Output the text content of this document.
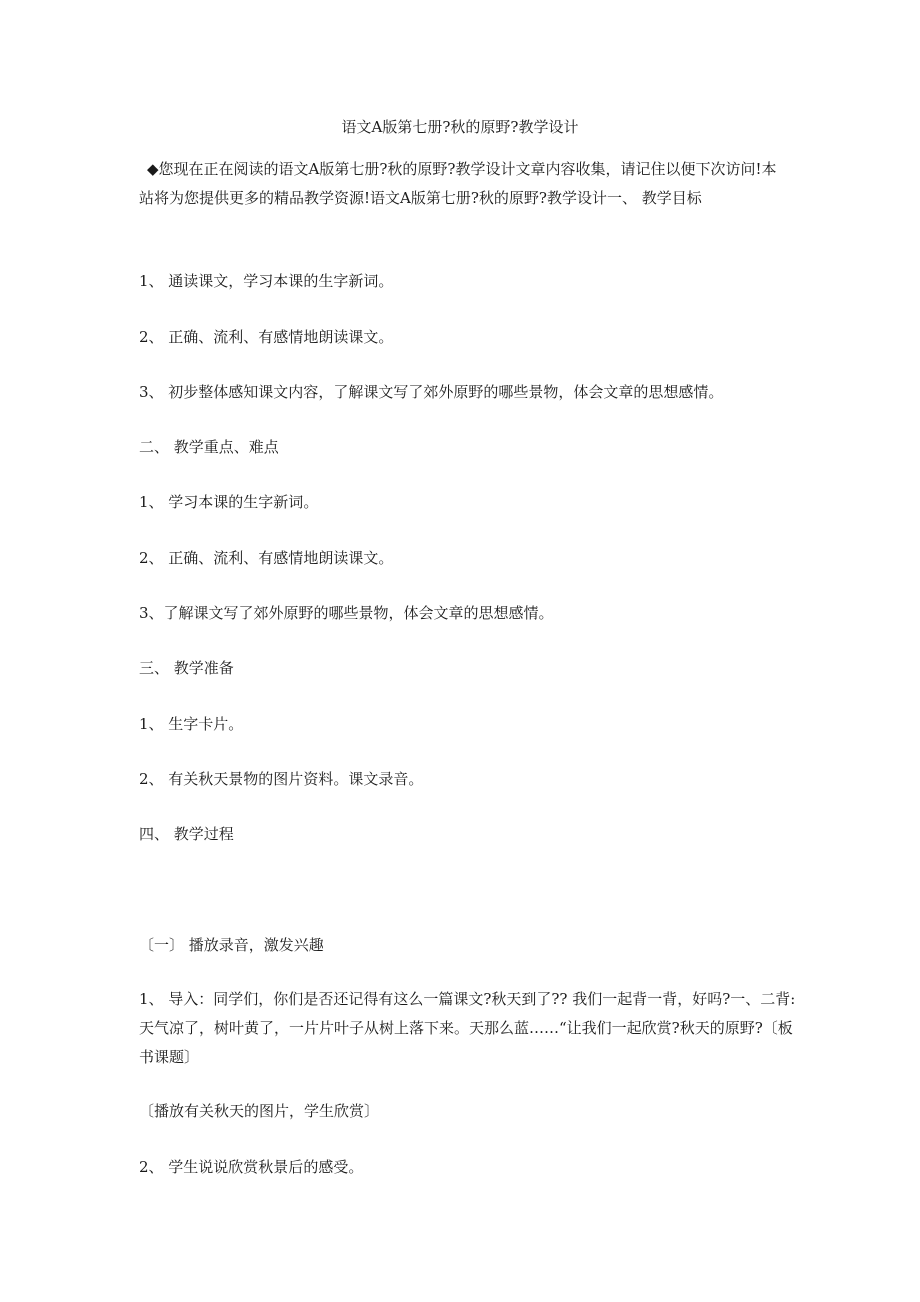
语文A版第七册?秋的原野?教学设计
◆您现在正在阅读的语文A版第七册?秋的原野?教学设计文章内容收集，请记住以便下次访问!本站将为您提供更多的精品教学资源!语文A版第七册?秋的原野?教学设计一、 教学目标
1、 通读课文，学习本课的生字新词。
2、 正确、流利、有感情地朗读课文。
3、 初步整体感知课文内容，了解课文写了郊外原野的哪些景物，体会文章的思想感情。
二、 教学重点、难点
1、 学习本课的生字新词。
2、 正确、流利、有感情地朗读课文。
3、了解课文写了郊外原野的哪些景物，体会文章的思想感情。
三、 教学准备
1、 生字卡片。
2、 有关秋天景物的图片资料。课文录音。
四、 教学过程
〔一〕 播放录音，激发兴趣
1、 导入：同学们，你们是否还记得有这么一篇课文?秋天到了?? 我们一起背一背，好吗?一、二背: 天气凉了，树叶黄了，一片片叶子从树上落下来。天那么蓝……“让我们一起欣赏?秋天的原野?〔板书课题〕
〔播放有关秋天的图片，学生欣赏〕
2、 学生说说欣赏秋景后的感受。
